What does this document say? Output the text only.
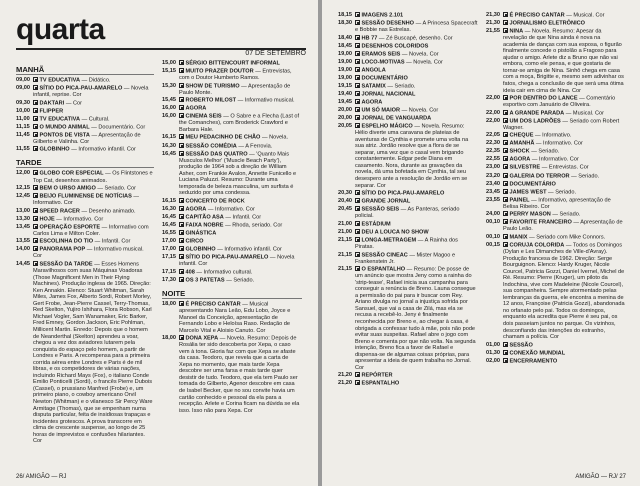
quarta
07 DE SETEMBRO
MANHÃ
09,00	TV EDUCATIVA — Didático.
09,00	SÍTIO DO PICA-PAU-AMARELO — Novela infantil, reprise. Cor
09,30	DAKTARI — Cor
10,00	FLIPPER
11,00	TV EDUCATIVA — Cultural.
11,15	O MUNDO ANIMAL — Documentário. Cor
11,45	PONTOS DE VISTA — Apresentação de Gilberto e Valinha. Cor
11,55	GLOBINHO — Informativo infantil. Cor
TARDE
12,00	GLOBO COR ESPECIAL — Os Flintstones e Top Cat, desenhos animados.
12,15	BEM O URSO AMIGO — Seriado. Cor
12,45	BEIJO FLUMINENSE DE NOTÍCIAS — Informativo. Cor
13,00	SPEED RACER — Desenho animado.
13,30	HOJE — Informativo. Cor
13,45	OPERAÇÃO ESPORTE — Informativo com Carlos Lima e Milton Coler.
13,55	ESCOLINHA DO TIO — Infantil. Cor
14,00	PANORAMA POP — Informativo musical. Cor
14,45	SESSÃO DA TARDE — Esses Homens Maravilhosos com suas Máquinas Voadoras (Those Magnificent Men in Their Flying Machines). Produção inglesa de 1965. Direção: Ken Annakin. Elenco: Stuart Whitman, Sarah Miles, James Fox, Alberto Sordi, Robert Morley, Gert Frobe, Jean-Pierre Cassel, Terry-Thomas, Red Skelton, Yujiro Ishihara, Flora Robson, Karl Michael Vogler, Sam Wanamaker, Eric Barker, Fred Emney, Gordon Jackson, Eric Pohlman, Millicent Martin. Enredo: Depois que o homem de Neanderthal (Skelton) aprendeu a voar, chegou a vez dos aviadores lutarem pela conquista do espaço pelo homem, a partir de Londres e Paris. A recompensa para a primeira corrida aérea entre Londres e Paris é de mil libras, e os competidores de várias nações, incluindo Richard Mays (Fox), o italiano Conde Emilio Ponticelli (Sordi), o francês Pierre Dubois (Cassel), o prussiano Manfred (Frobe) e, um primeiro piano, o cowboy americano Orvil Newton (Whitman) e o vilanesco Sir Percy Ware Armitage (Thomas), que se empenham numa disputa particular, feita de insidiosas trapaças e incidentes grotescos. A prova transcorre em clima de crescente suspense, ao longo de 25 horas de imprevistos e confusões hilariantes. Cor
15,00	SÉRGIO BITTENCOURT INFORMAL
15,15	MUITO PRAZER DOUTOR — Entrevistas, com o Doutor Humberto Ramos.
15,30	SHOW DE TURISMO — Apresentação de Paulo Monte.
15,45	ROBERTO MILOST — Informativo musical.
16,00	AGORA
16,00	CINEMA SEIS — O Sabre e a Flecha (Last of the Comanches), com Broderick Crawford e Barbara Hale.
16,15	MEU PEDACINHO DE CHÃO — Novela.
16,30	SESSÃO COMÉDIA — A Ferrovia.
16,45	SESSÃO DAS QUATRO — 'Quanto Mais Musculos Melhor' ('Muscle Beach Party'), produção de 1964 sob a direção de William Asher, com Frankie Avalon, Annette Funicello e Luciana Paluzzi. Resumo: Durante uma temporada de beleza masculina, um surfista é seduzido por uma condessa.
16,15	CONCERTO DE ROCK
16,30	AGORA — Informativo. Cor
16,45	CAPITÃO ASA — Infantil. Cor
16,45	FAIXA NOBRE — Rhoda, seriado. Cor
16,55	GINÁSTICA
17,00	CIRCO
17,00	GLOBINHO — Informativo infantil. Cor
17,15	SÍTIO DO PICA-PAU-AMARELO — Novela infantil. Cor
17,15	408 — Informativo cultural.
17,30	OS 3 PATETAS — Seriado.
NOITE
18,00	É PRECISO CANTAR — Musical apresentando Nara Leão, Edu Lobo, Joyce e Manoel da Conceição, apresentação de Fernando Lobo e Heloísa Raso. Redação de Marcelo Vital e Aloisio Canuto. Cor
18,00	DONA XEPA — Novela. Resumo: Depois de Rosália ter sido descoberta por Xepa, o caso vem à tona. Gioria faz com que Xepa se afaste da casa. Teodoro, que revela que a carta de Xepa no momento, que mais tarde Xepa descobre ser uma farsa e mais tarde quer desistir de tudo. Teodoro, que ela tem Paulo ser tomada do Gilberto, Agenor descobre em casa de Isabel Becker, que no sou convite havia um cartão conhecido e pessoal da ela para a recepção. Arlete e Corina ficam na dúvida se ela isso. Isso não para Xepa. Cor
26/ AMIGÃO — RJ
18,15	IMAGENS 2.101
18,30	SESSÃO DESENHO — A Princesa Spacecraft e Bobbie nas Estrelas.
18,40	HB 77 — Zé Buscapé, desenho. Cor
18,45	DESENHOS COLORIDOS
19,00	ERAMOS SEIS — Novela. Cor
19,00	LOCO-MOTIVAS — Novela. Cor
19,00	ANGOLA
19,00	DOCUMENTÁRIO
19,15	SATAMIX — Seriado.
19,40	JORNAL NACIONAL
19,45	AGORA
20,00	UM SÓ MAIOR — Novela. Cor
20,00	JORNAL DE VANGUARDA
20,05	ESPELHO MÁGICO — Novela. Resumo: Hélio diverte uma caravana de plateias de aventuras de Cynthia e promete uma volta na sua atriz. Jordão resolve que a flora de se separar, uma vez que o casal vem brigando constantemente. Edgar pede Diana em casamento. Nora, durante as gravações da novela, dá uma bofetada em Cynthia, tal seu desespero ante a resolução de Jordão em se separar. Cor
20,30	SÍTIO DO PICA-PAU-AMARELO
20,40	GRANDE JORNAL
20,45	SESSÃO SEIS — As Panteras, seriado policial.
21,00	ESTÁDIUM
21,00	DEU A LOUCA NO SHOW
21,15	LONGA-METRAGEM — A Rainha dos Piratas.
21,15	SESSÃO CINEAC — Mister Magoo e Frankenstein Jr.
21,15	O ESPANTALHO — Resumo: De posse de um anúncio que mostra Jeny como a rainha do 'strip-tease', Rafael inicia sua campanha para conseguir a renúncia de Breno. Launa consegue a permissão do pai para ir buscar com Rey. Ariano divulga no jornal a injustiça sofrida por Sansuel, que vai a casa de Zilá, mas ela se recusa a recebê-lo. Jeny é finalmente reconhecida por Breno e, ao chegar à casa, é obrigada a confessar tudo à mãe, pois não pode evitar suas suspeitas. Rafael abre o jogo com Breno e comenta por que não volta. Na segunda intenção, Breno fica a favor de Rafael e dispensa-se de algumas coisas próprias, para apresentar a ideia de quem trabalha no Jornal. Cor
21,20	REPÓRTER
21,20	ESPANTALHO
21,30	É PRECISO CANTAR — Musical. Cor
21,30	JORNALISMO ELETRÔNICO
21,55	NINA — Novela. Resumo: Apesar da revelação de que Nina ainda é nova na academia de danças com sua esposa, o figurão finalmente concede o pistolão a Fragoso para ajudar o amigo. Arlete diz a Bruno que não vai embora, como ele pensa, e que gostaria de tornar-se amiga de Nina. Sinhô chega em casa com a moça, Brigitte e, mesmo sem adivinhar os fatos, chega a conclusão de que será uma ótima ideia cair em cima de Nina. Cor
22,00	POR DENTRO DO LANCE — Comentário esportivo com Januário de Oliveira.
22,00	A GRANDE PARADA — Musical. Cor
22,00	UM DOS LADRÕES — Seriado com Robert Wagner.
22,05	CHEQUE — Informativo.
22,30	AMANHÃ — Informativo. Cor
22,35	SHOCK — Seriado.
22,55	AGORA — Informativo. Cor
23,00	SILVESTRE — Entrevistas. Cor
23,20	GALERIA DO TERROR — Seriado.
23,40	DOCUMENTÁRIO
23,45	JAMES WEST — Seriado.
23,55	PAINEL — Informativo, apresentação de Belisa Ribeiro. Cor
24,00	PERRY MASON — Seriado.
00,10	FAVORITE FRANCEIRO — Apresentação de Paulo Leão.
00,10	MANIX — Seriado com Mike Connors.
00,15	CORUJA COLORIDA — Todos os Domingos (Dylan e Les Dimanches de Ville-d'Avray). Produção francesa de 1962. Direção: Serge Bourguignon. Elenco: Hardy Kruger, Nicole Courcel, Patricia Gozzi, Daniel Ivernel, Michel de Ré. Resumo: Pierre (Kruger), um piloto da Indochina, vive com Madeleine (Nicole Courcel), sua companheira. Sempre atormentado pelas lembranças da guerra, ele encontra a menina de 12 anos, Françoise (Patricia Gozzi), abandonada no orfanato pelo pai. Todos os domingos, enquanto ela acredita que Pierre é seu pai, os dois passeiam juntos no parque. Os vizinhos, desconfiando das intenções do estranho, chamam a polícia. Cor
01,00	SESSÃO
01,30	CONEXÃO MUNDIAL
02,00	ENCERRAMENTO
AMIGÃO — RJ/ 27
